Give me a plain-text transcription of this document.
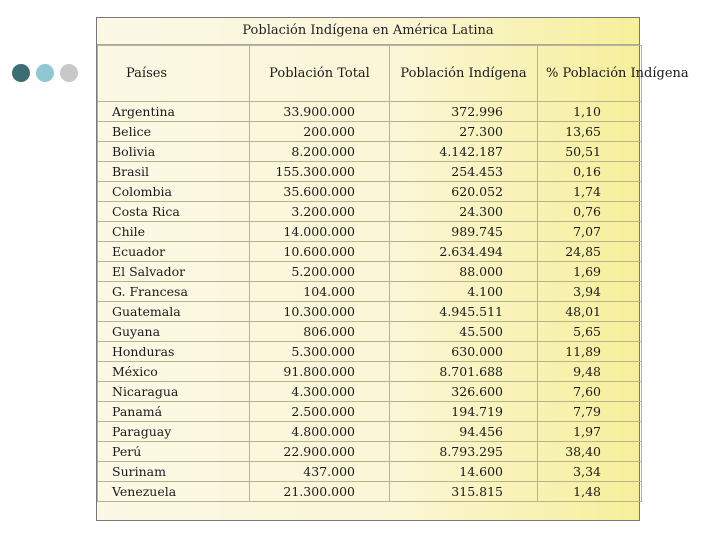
Población Indígena en América Latina
Países	Población Total	Población Indígena	% Población Indígena
Argentina	33.900.000	372.996	1,10
Belice	200.000	27.300	13,65
Bolivia	8.200.000	4.142.187	50,51
Brasil	155.300.000	254.453	0,16
Colombia	35.600.000	620.052	1,74
Costa Rica	3.200.000	24.300	0,76
Chile	14.000.000	989.745	7,07
Ecuador	10.600.000	2.634.494	24,85
El Salvador	5.200.000	88.000	1,69
G. Francesa	104.000	4.100	3,94
Guatemala	10.300.000	4.945.511	48,01
Guyana	806.000	45.500	5,65
Honduras	5.300.000	630.000	11,89
México	91.800.000	8.701.688	9,48
Nicaragua	4.300.000	326.600	7,60
Panamá	2.500.000	194.719	7,79
Paraguay	4.800.000	94.456	1,97
Perú	22.900.000	8.793.295	38,40
Surinam	437.000	14.600	3,34
Venezuela	21.300.000	315.815	1,48
